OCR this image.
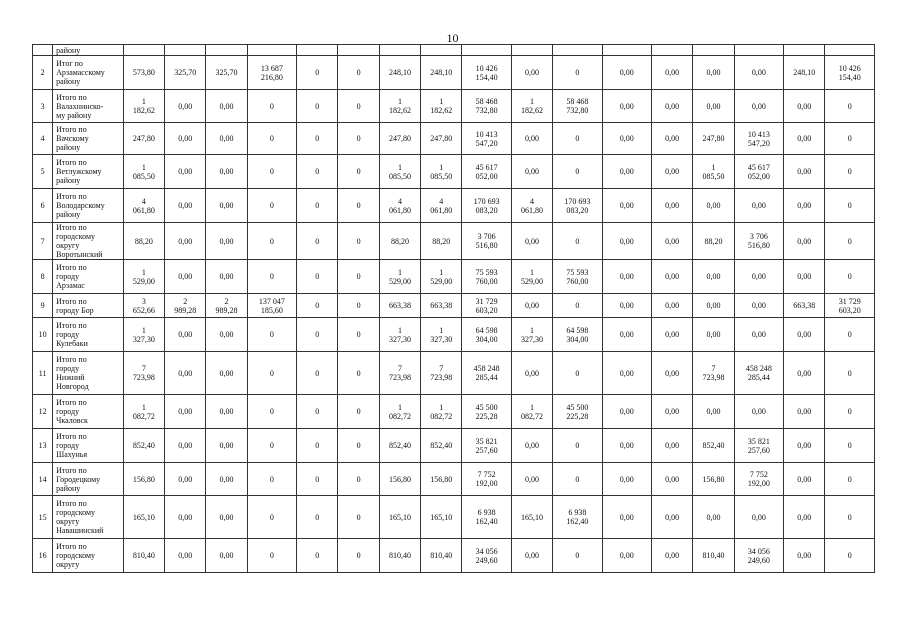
10
	району																	
2	Итог по
Арзамасскому
району	573,80	325,70	325,70	13 687
216,80	0	0	248,10	248,10	10 426
154,40	0,00	0	0,00	0,00	0,00	0,00	248,10	10 426
154,40
3	Итого по
Валахнинско-
му району	1
182,62	0,00	0,00	0	0	0	1
182,62	1
182,62	58 468
732,80	1
182,62	58 468
732,80	0,00	0,00	0,00	0,00	0,00	0
4	Итого по
Вачскому
району	247,80	0,00	0,00	0	0	0	247,80	247,80	10 413
547,20	0,00	0	0,00	0,00	247,80	10 413
547,20	0,00	0
5	Итого по
Ветлужскому
району	1
085,50	0,00	0,00	0	0	0	1
085,50	1
085,50	45 617
052,00	0,00	0	0,00	0,00	1
085,50	45 617
052,00	0,00	0
6	Итого по
Володарскому
району	4
061,80	0,00	0,00	0	0	0	4
061,80	4
061,80	170 693
083,20	4
061,80	170 693
083,20	0,00	0,00	0,00	0,00	0,00	0
7	Итого по
городскому
округу
Воротынский	88,20	0,00	0,00	0	0	0	88,20	88,20	3 706
516,80	0,00	0	0,00	0,00	88,20	3 706
516,80	0,00	0
8	Итого по
городу
Арзамас	1
529,00	0,00	0,00	0	0	0	1
529,00	1
529,00	75 593
760,00	1
529,00	75 593
760,00	0,00	0,00	0,00	0,00	0,00	0
9	Итого по
городу Бор	3
652,66	2
989,28	2
989,28	137 047
185,60	0	0	663,38	663,38	31 729
603,20	0,00	0	0,00	0,00	0,00	0,00	663,38	31 729
603,20
10	Итого по
городу
Кулебаки	1
327,30	0,00	0,00	0	0	0	1
327,30	1
327,30	64 598
304,00	1
327,30	64 598
304,00	0,00	0,00	0,00	0,00	0,00	0
11	Итого по
городу
Нижний
Новгород	7
723,98	0,00	0,00	0	0	0	7
723,98	7
723,98	458 248
285,44	0,00	0	0,00	0,00	7
723,98	458 248
285,44	0,00	0
12	Итого по
городу
Чкаловск	1
082,72	0,00	0,00	0	0	0	1
082,72	1
082,72	45 500
225,28	1
082,72	45 500
225,28	0,00	0,00	0,00	0,00	0,00	0
13	Итого по
городу
Шахунья	852,40	0,00	0,00	0	0	0	852,40	852,40	35 821
257,60	0,00	0	0,00	0,00	852,40	35 821
257,60	0,00	0
14	Итого по
Городецкому
району	156,80	0,00	0,00	0	0	0	156,80	156,80	7 752
192,00	0,00	0	0,00	0,00	156,80	7 752
192,00	0,00	0
15	Итого по
городскому
округу
Навашинский	165,10	0,00	0,00	0	0	0	165,10	165,10	6 938
162,40	165,10	6 938
162,40	0,00	0,00	0,00	0,00	0,00	0
16	Итого по
городскому
округу	810,40	0,00	0,00	0	0	0	810,40	810,40	34 056
249,60	0,00	0	0,00	0,00	810,40	34 056
249,60	0,00	0
